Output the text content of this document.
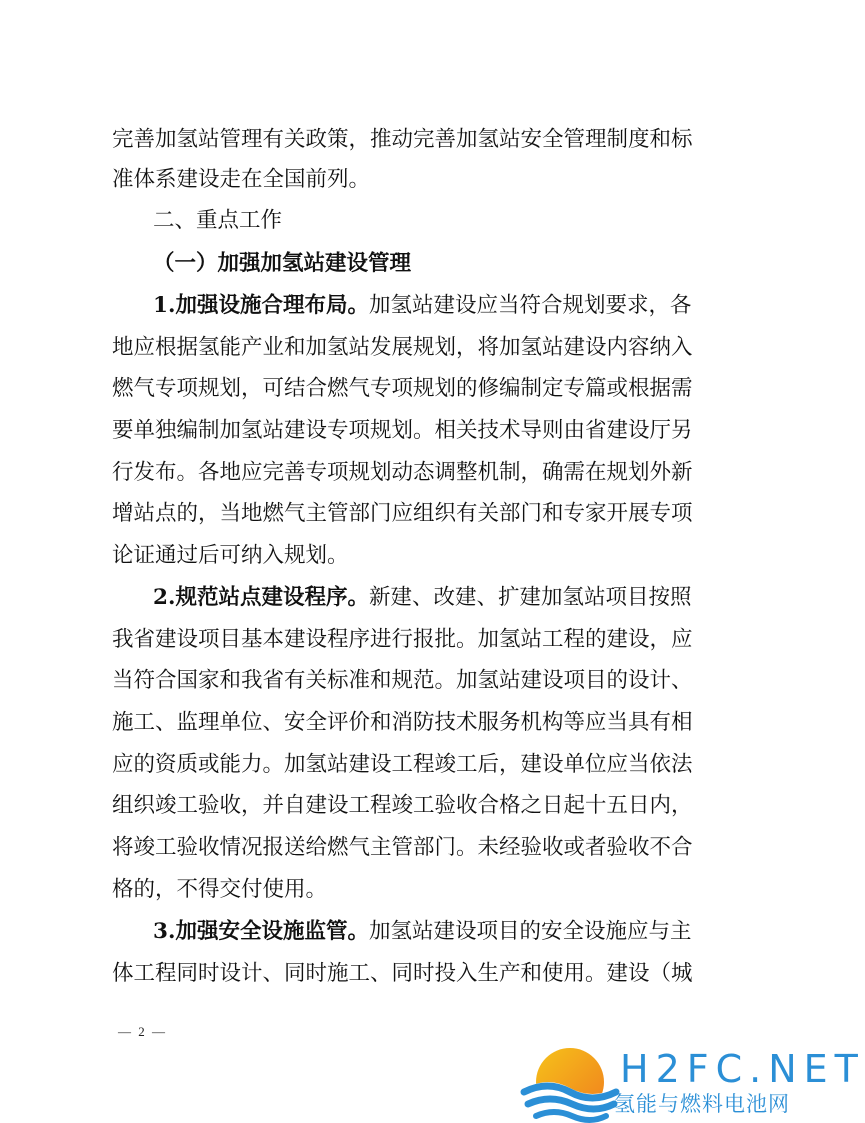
完善加氢站管理有关政策，推动完善加氢站安全管理制度和标

准体系建设走在全国前列。

二、重点工作

（一）加强加氢站建设管理

1.加强设施合理布局。加氢站建设应当符合规划要求，各

地应根据氢能产业和加氢站发展规划，将加氢站建设内容纳入

燃气专项规划，可结合燃气专项规划的修编制定专篇或根据需

要单独编制加氢站建设专项规划。相关技术导则由省建设厅另

行发布。各地应完善专项规划动态调整机制，确需在规划外新

增站点的，当地燃气主管部门应组织有关部门和专家开展专项

论证通过后可纳入规划。

2.规范站点建设程序。新建、改建、扩建加氢站项目按照

我省建设项目基本建设程序进行报批。加氢站工程的建设，应

当符合国家和我省有关标准和规范。加氢站建设项目的设计、

施工、监理单位、安全评价和消防技术服务机构等应当具有相

应的资质或能力。加氢站建设工程竣工后，建设单位应当依法

组织竣工验收，并自建设工程竣工验收合格之日起十五日内，

将竣工验收情况报送给燃气主管部门。未经验收或者验收不合

格的，不得交付使用。

3.加强安全设施监管。加氢站建设项目的安全设施应与主

体工程同时设计、同时施工、同时投入生产和使用。建设（城

— 2 —
H2FC.NET
氢能与燃料电池网
